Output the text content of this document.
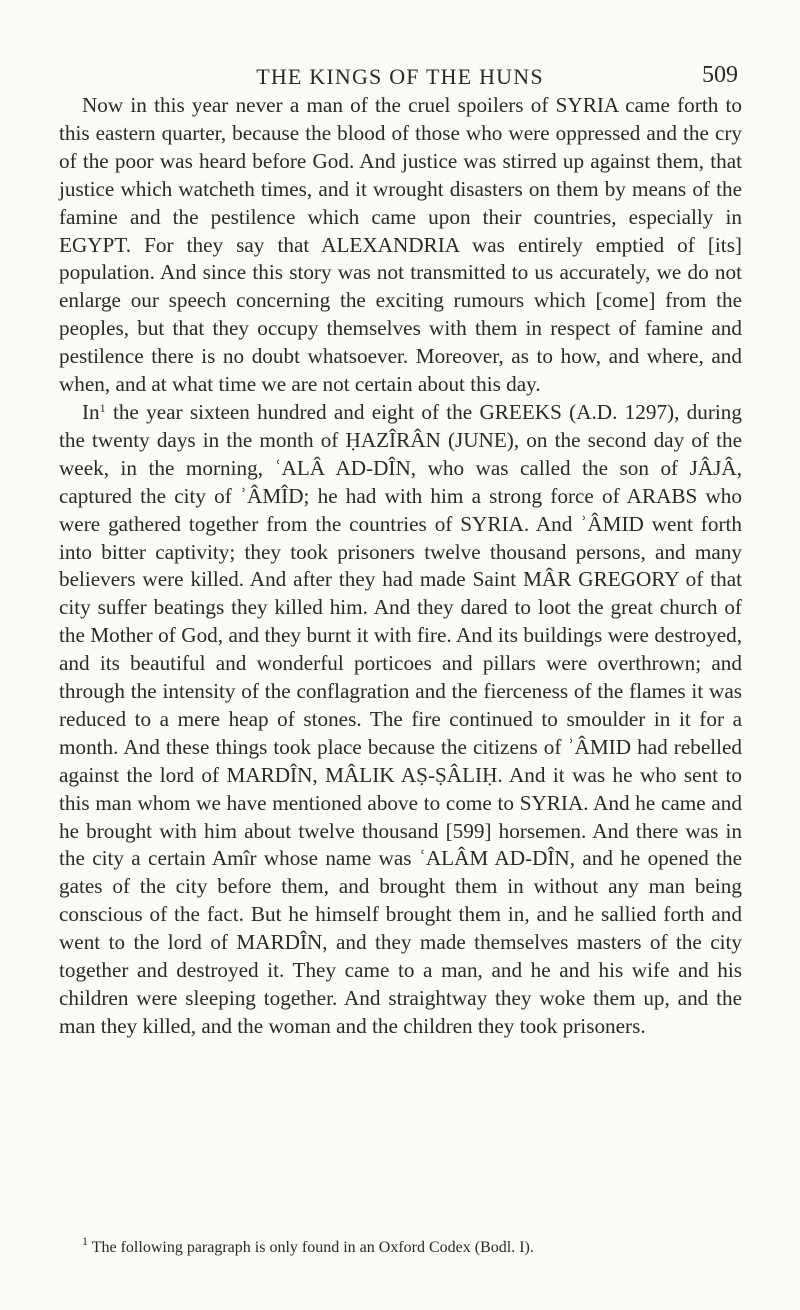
THE KINGS OF THE HUNS	509

Now in this year never a man of the cruel spoilers of SYRIA came forth to this eastern quarter, because the blood of those who were oppressed and the cry of the poor was heard before God. And justice was stirred up against them, that justice which watcheth times, and it wrought disasters on them by means of the famine and the pestilence which came upon their countries, especially in EGYPT. For they say that ALEXANDRIA was entirely emptied of [its] population. And since this story was not transmitted to us accurately, we do not enlarge our speech concerning the exciting rumours which [come] from the peoples, but that they occupy themselves with them in respect of famine and pestilence there is no doubt whatsoever. Moreover, as to how, and where, and when, and at what time we are not certain about this day.

In$^1$ the year sixteen hundred and eight of the GREEKS (A.D. 1297), during the twenty days in the month of ḤAZÎRÂN (JUNE), on the second day of the week, in the morning, ʿALÂ AD-DÎN, who was called the son of JÂJÂ, captured the city of ʾÂMÎD; he had with him a strong force of ARABS who were gathered together from the countries of SYRIA. And ʾÂMID went forth into bitter captivity; they took prisoners twelve thousand persons, and many believers were killed. And after they had made Saint MÂR GREGORY of that city suffer beatings they killed him. And they dared to loot the great church of the Mother of God, and they burnt it with fire. And its buildings were destroyed, and its beautiful and wonderful porticoes and pillars were overthrown; and through the intensity of the conflagration and the fierceness of the flames it was reduced to a mere heap of stones. The fire continued to smoulder in it for a month. And these things took place because the citizens of ʾÂMID had rebelled against the lord of MARDÎN, MÂLIK AṢ-ṢÂLIḤ. And it was he who sent to this man whom we have mentioned above to come to SYRIA. And he came and he brought with him about twelve thousand [599] horsemen. And there was in the city a certain Amîr whose name was ʿALÂM AD-DÎN, and he opened the gates of the city before them, and brought them in without any man being conscious of the fact. But he himself brought them in, and he sallied forth and went to the lord of MARDÎN, and they made themselves masters of the city together and destroyed it. They came to a man, and he and his wife and his children were sleeping together. And straightway they woke them up, and the man they killed, and the woman and the children they took prisoners.

$^1$ The following paragraph is only found in an Oxford Codex (Bodl. I).
